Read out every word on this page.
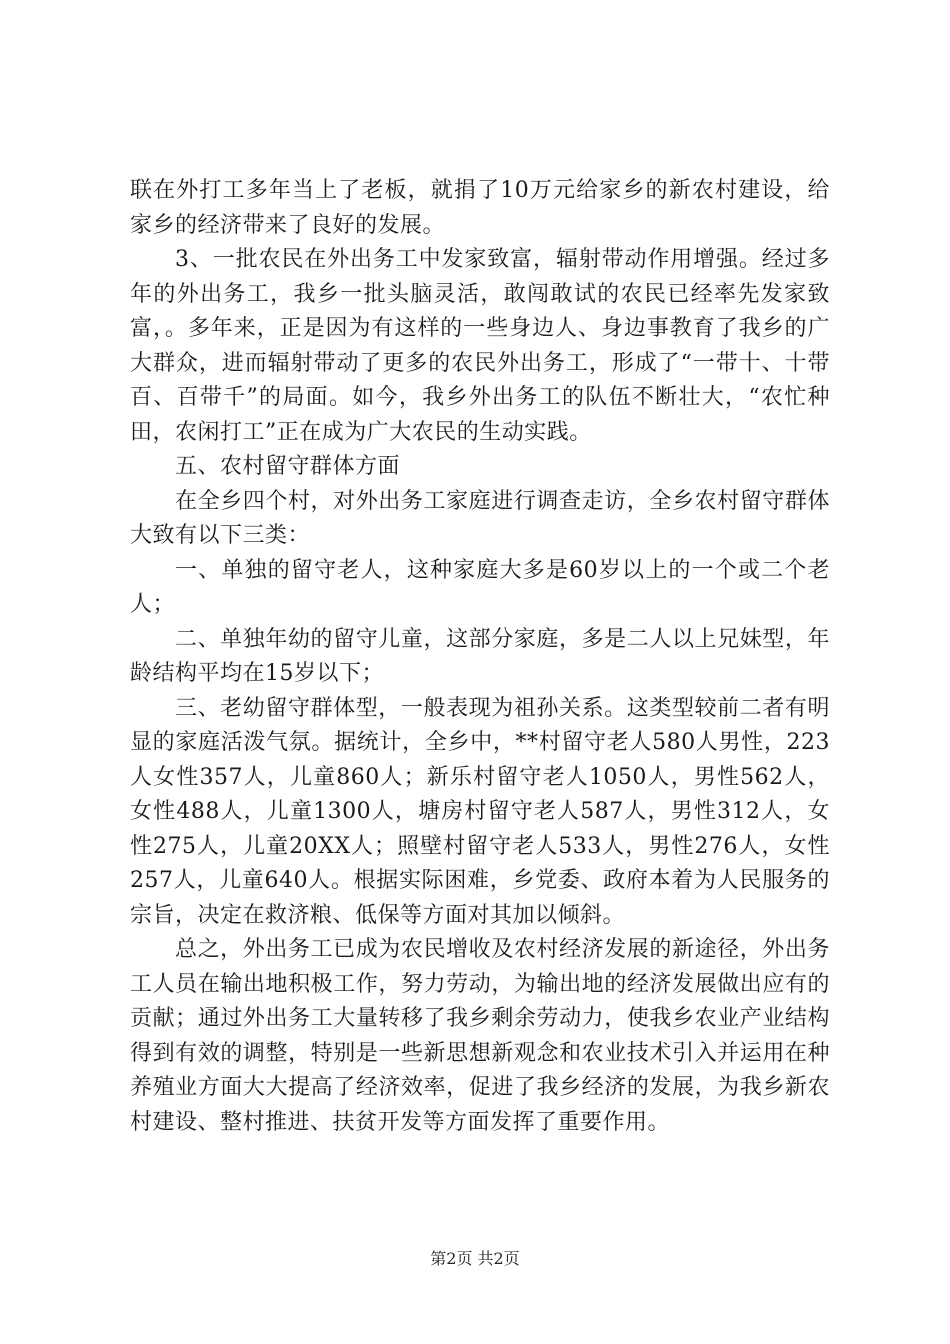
联在外打工多年当上了老板，就捐了10万元给家乡的新农村建设，给家乡的经济带来了良好的发展。

3、一批农民在外出务工中发家致富，辐射带动作用增强。经过多年的外出务工，我乡一批头脑灵活，敢闯敢试的农民已经率先发家致富，。多年来，正是因为有这样的一些身边人、身边事教育了我乡的广大群众，进而辐射带动了更多的农民外出务工，形成了“一带十、十带百、百带千”的局面。如今，我乡外出务工的队伍不断壮大，“农忙种田，农闲打工”正在成为广大农民的生动实践。

五、农村留守群体方面

在全乡四个村，对外出务工家庭进行调查走访，全乡农村留守群体大致有以下三类：

一、单独的留守老人，这种家庭大多是60岁以上的一个或二个老人；

二、单独年幼的留守儿童，这部分家庭，多是二人以上兄妹型，年龄结构平均在15岁以下；

三、老幼留守群体型，一般表现为祖孙关系。这类型较前二者有明显的家庭活泼气氛。据统计，全乡中，**村留守老人580人男性，223人女性357人，儿童860人；新乐村留守老人1050人，男性562人，女性488人，儿童1300人，塘房村留守老人587人，男性312人，女性275人，儿童20XX人；照壁村留守老人533人，男性276人，女性257人，儿童640人。根据实际困难，乡党委、政府本着为人民服务的宗旨，决定在救济粮、低保等方面对其加以倾斜。

总之，外出务工已成为农民增收及农村经济发展的新途径，外出务工人员在输出地积极工作，努力劳动，为输出地的经济发展做出应有的贡献；通过外出务工大量转移了我乡剩余劳动力，使我乡农业产业结构得到有效的调整，特别是一些新思想新观念和农业技术引入并运用在种养殖业方面大大提高了经济效率，促进了我乡经济的发展，为我乡新农村建设、整村推进、扶贫开发等方面发挥了重要作用。

第2页 共2页
